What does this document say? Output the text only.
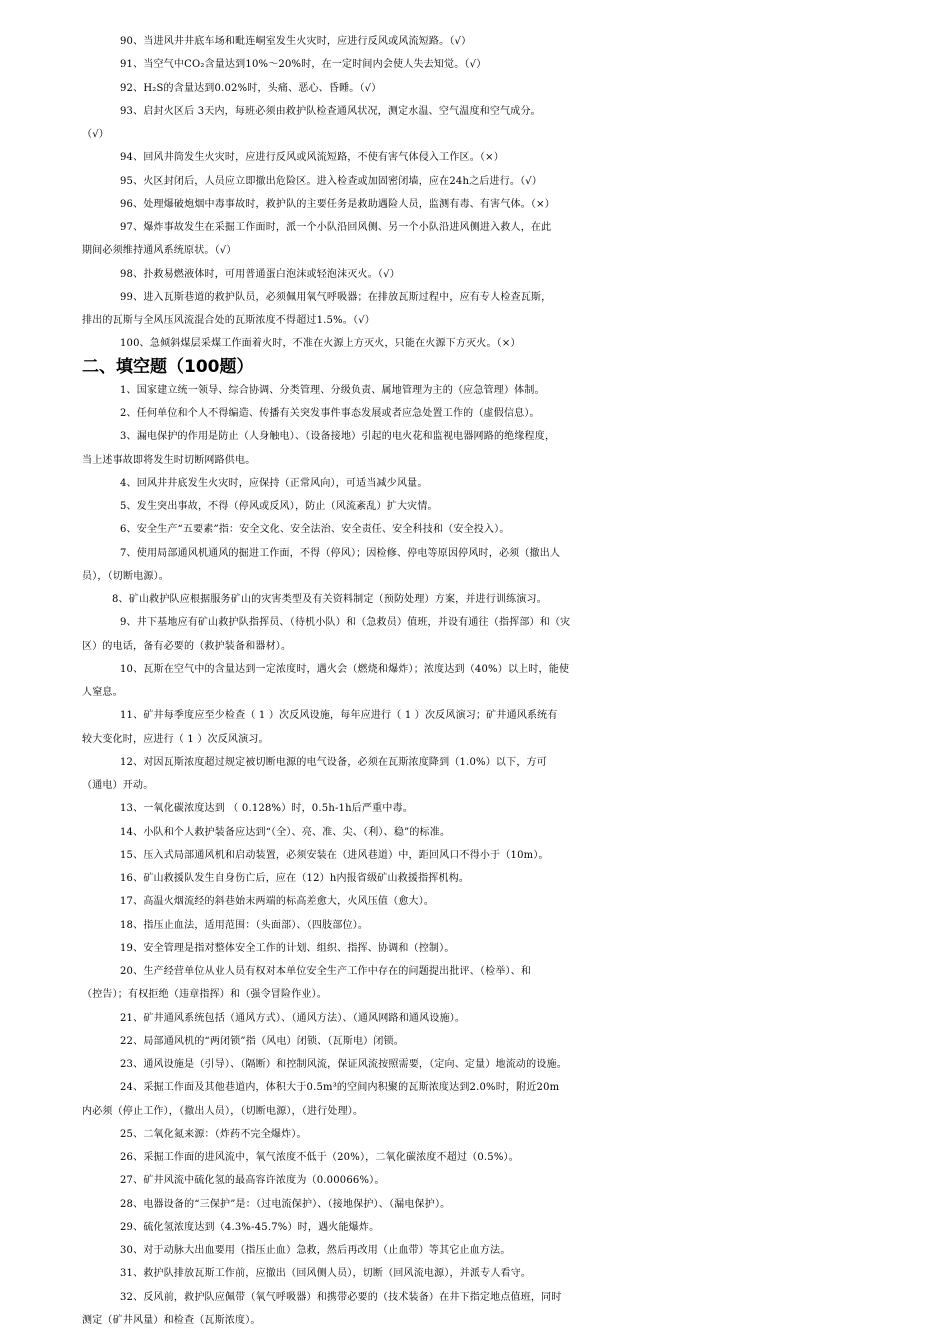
90、当进风井井底车场和毗连峒室发生火灾时，应进行反风或风流短路。（√）
91、当空气中CO₂含量达到10%～20%时，在一定时间内会使人失去知觉。（√）
92、H₂S的含量达到0.02%时，头痛、恶心、昏睡。（√）
93、启封火区后 3天内，每班必须由救护队检查通风状况，测定水温、空气温度和空气成分。
（√）
94、回风井筒发生火灾时，应进行反风或风流短路，不使有害气体侵入工作区。（×）
95、火区封闭后，人员应立即撤出危险区。进入检查或加固密闭墙，应在24h之后进行。（√）
96、处理爆破炮烟中毒事故时，救护队的主要任务是救助遇险人员，监测有毒、有害气体。（×）
97、爆炸事故发生在采掘工作面时，派一个小队沿回风侧、另一个小队沿进风侧进入救人，在此
期间必须维持通风系统原状。（√）
98、扑救易燃液体时，可用普通蛋白泡沫或轻泡沫灭火。（√）
99、进入瓦斯巷道的救护队员，必须佩用氧气呼吸器；在排放瓦斯过程中，应有专人检查瓦斯，
排出的瓦斯与全风压风流混合处的瓦斯浓度不得超过1.5%。（√）
100、急倾斜煤层采煤工作面着火时，不准在火源上方灭火，只能在火源下方灭火。（×）
二、填空题（100题）
1、国家建立统一领导、综合协调、分类管理、分级负责、属地管理为主的（应急管理）体制。
2、任何单位和个人不得编造、传播有关突发事件事态发展或者应急处置工作的（虚假信息）。
3、漏电保护的作用是防止（人身触电）、（设备接地）引起的电火花和监视电器网路的绝缘程度，
当上述事故即将发生时切断网路供电。
4、回风井井底发生火灾时，应保持（正常风向），可适当减少风量。
5、发生突出事故，不得（停风或反风），防止（风流紊乱）扩大灾情。
6、安全生产“五要素”指：安全文化、安全法治、安全责任、安全科技和（安全投入）。
7、使用局部通风机通风的掘进工作面，不得（停风）；因检修、停电等原因停风时，必须（撤出人
员），（切断电源）。
8、矿山救护队应根据服务矿山的灾害类型及有关资料制定（预防处理）方案，并进行训练演习。
9、井下基地应有矿山救护队指挥员、（待机小队）和（急救员）值班，并设有通往（指挥部）和（灾
区）的电话，备有必要的（救护装备和器材）。
10、瓦斯在空气中的含量达到一定浓度时，遇火会（燃烧和爆炸）；浓度达到（40%）以上时，能使
人窒息。
11、矿井每季度应至少检查（ 1 ）次反风设施，每年应进行（ 1 ）次反风演习；矿井通风系统有
较大变化时，应进行（ 1 ）次反风演习。
12、对因瓦斯浓度超过规定被切断电源的电气设备，必须在瓦斯浓度降到（1.0%）以下，方可
（通电）开动。
13、一氧化碳浓度达到 （ 0.128%）时，0.5h-1h后严重中毒。
14、小队和个人救护装备应达到“（全）、亮、准、尖、（利）、稳”的标准。
15、压入式局部通风机和启动装置，必须安装在（进风巷道）中，距回风口不得小于（10m）。
16、矿山救援队发生自身伤亡后，应在（12）h内报省级矿山救援指挥机构。
17、高温火烟流经的斜巷始末两端的标高差愈大，火风压值（愈大）。
18、指压止血法，适用范围：（头面部）、（四肢部位）。
19、安全管理是指对整体安全工作的计划、组织、指挥、协调和（控制）。
20、生产经营单位从业人员有权对本单位安全生产工作中存在的问题提出批评、（检举）、和
（控告）；有权拒绝（违章指挥）和（强令冒险作业）。
21、矿井通风系统包括（通风方式）、（通风方法）、（通风网路和通风设施）。
22、局部通风机的“两闭锁”指（风电）闭锁、（瓦斯电）闭锁。
23、通风设施是（引导）、（隔断）和控制风流，保证风流按照需要，（定向、定量）地流动的设施。
24、采掘工作面及其他巷道内，体积大于0.5m³的空间内积聚的瓦斯浓度达到2.0%时，附近20m
内必须（停止工作），（撤出人员），（切断电源），（进行处理）。
25、二氧化氮来源：（炸药不完全爆炸）。
26、采掘工作面的进风流中，氧气浓度不低于（20%），二氧化碳浓度不超过（0.5%）。
27、矿井风流中硫化氢的最高容许浓度为（0.00066%）。
28、电器设备的“三保护”是：（过电流保护）、（接地保护）、（漏电保护）。
29、硫化氢浓度达到（4.3%-45.7%）时，遇火能爆炸。
30、对于动脉大出血要用（指压止血）急救，然后再改用（止血带）等其它止血方法。
31、救护队排放瓦斯工作前，应撤出（回风侧人员），切断（回风流电源），并派专人看守。
32、反风前，救护队应佩带（氧气呼吸器）和携带必要的（技术装备）在井下指定地点值班，同时
测定（矿井风量）和检查（瓦斯浓度）。
